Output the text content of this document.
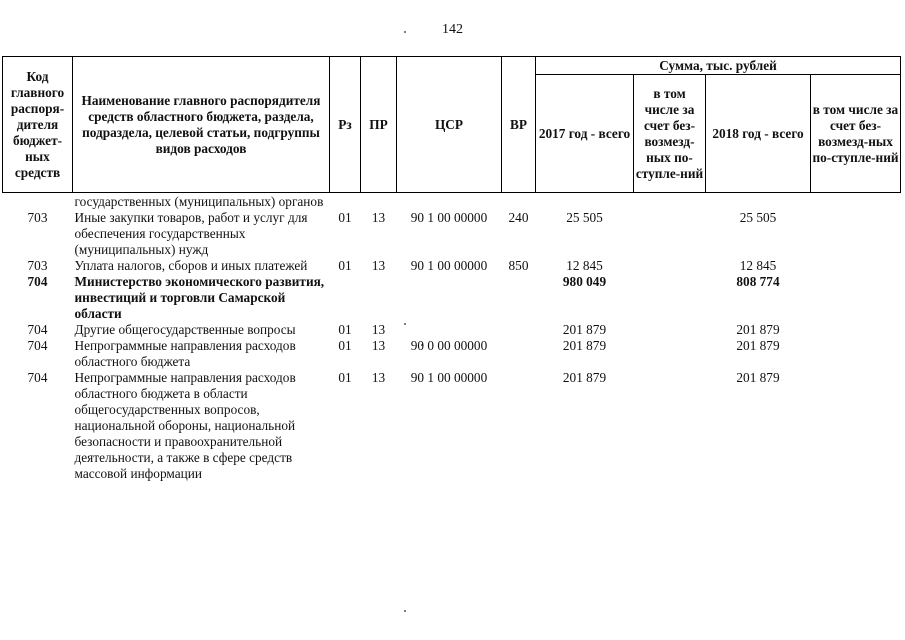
142
Код главного распоря-дителя бюджет-ных средств	Наименование главного распорядителя средств областного бюджета, раздела, подраздела, целевой статьи, подгруппы видов расходов	Рз	ПР	ЦСР	ВР	Сумма, тыс. рублей			
						2017 год - всего	в том числе за счет без-возмезд-ных по-ступле-ний	2018 год - всего	в том числе за счет без-возмезд-ных по-ступле-ний
	государственных (муниципальных) органов								
703	Иные закупки товаров, работ и услуг для обеспечения государственных (муниципальных) нужд	01	13	90 1 00 00000	240	25 505		25 505	
703	Уплата налогов, сборов и иных платежей	01	13	90 1 00 00000	850	12 845		12 845	
704	Министерство экономического развития, инвестиций и торговли Самарской области					980 049		808 774	
704	Другие общегосударственные вопросы	01	13			201 879		201 879	
704	Непрограммные направления расходов областного бюджета	01	13	90 0 00 00000		201 879		201 879	
704	Непрограммные направления расходов областного бюджета в области общегосударственных вопросов, национальной обороны, национальной безопасности и правоохранительной деятельности, а также в сфере средств массовой информации	01	13	90 1 00 00000		201 879		201 879	
